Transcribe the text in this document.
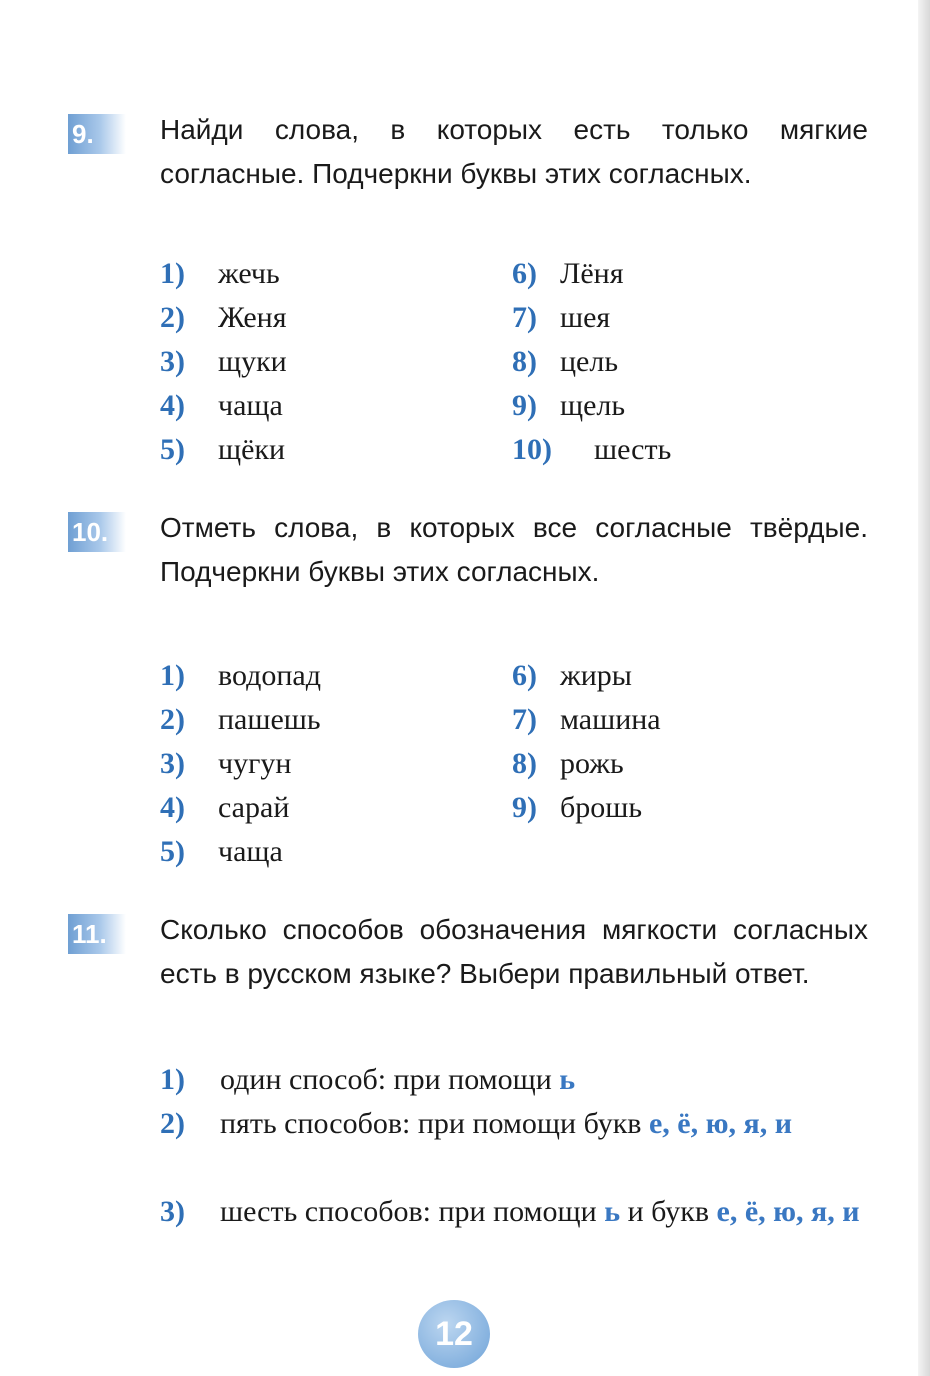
9.	Найди слова, в которых есть только мягкие согласные. Подчеркни буквы этих согласных.

1) жечь
2) Женя
3) щуки
4) чаща
5) щёки
6) Лёня
7) шея
8) цель
9) щель
10) шесть
10.	Отметь слова, в которых все согласные твёрдые. Подчеркни буквы этих согласных.

1) водопад
2) пашешь
3) чугун
4) сарай
5) чаща
6) жиры
7) машина
8) рожь
9) брошь
11.	Сколько способов обозначения мягкости согласных есть в русском языке? Выбери правильный ответ.

1) один способ: при помощи ь
2) пять способов: при помощи букв е, ё, ю, я, и
3) шесть способов: при помощи ь и букв е, ё, ю, я, и
12
